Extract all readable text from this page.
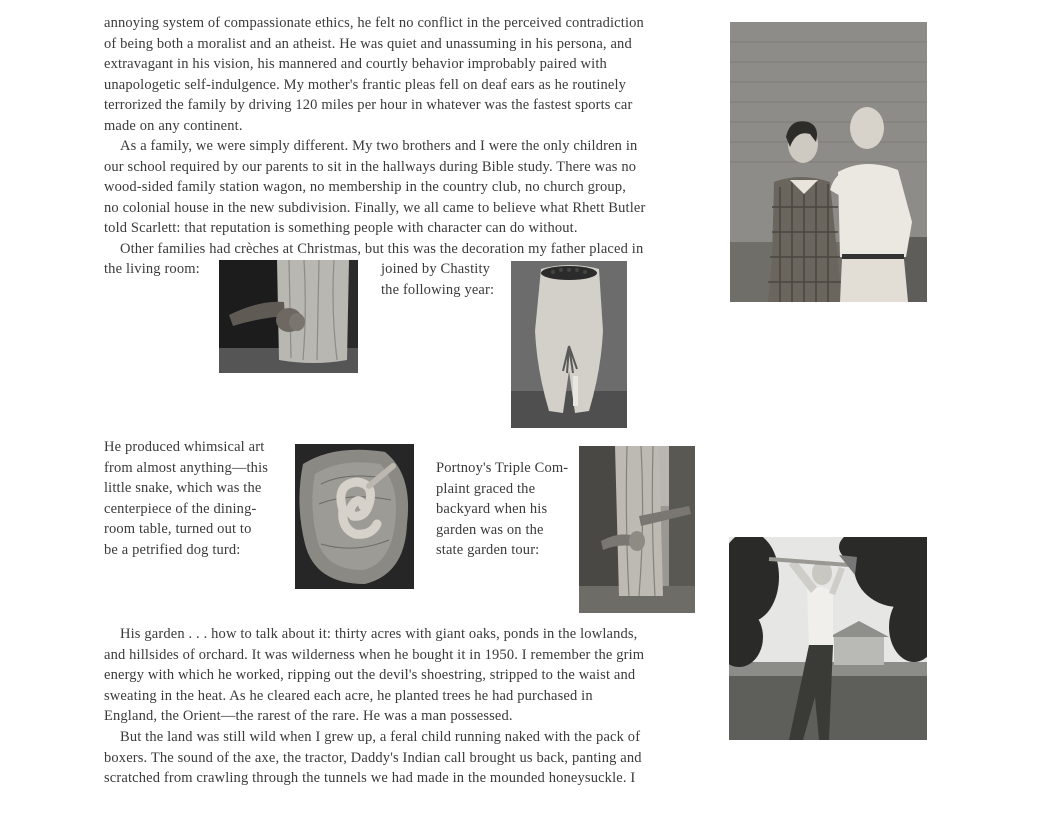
annoying system of compassionate ethics, he felt no conflict in the perceived contradiction
of being both a moralist and an atheist. He was quiet and unassuming in his persona, and
extravagant in his vision, his mannered and courtly behavior improbably paired with
unapologetic self-indulgence. My mother's frantic pleas fell on deaf ears as he routinely
terrorized the family by driving 120 miles per hour in whatever was the fastest sports car
made on any continent.
As a family, we were simply different. My two brothers and I were the only children in
our school required by our parents to sit in the hallways during Bible study. There was no
wood-sided family station wagon, no membership in the country club, no church group,
no colonial house in the new subdivision. Finally, we all came to believe what Rhett Butler
told Scarlett: that reputation is something people with character can do without.
Other families had crèches at Christmas, but this was the decoration my father placed in
the living room:	joined by Chastity
the following year:
He produced whimsical art
from almost anything—this
little snake, which was the
centerpiece of the dining-
room table, turned out to
be a petrified dog turd:
Portnoy's Triple Com-
plaint graced the
backyard when his
garden was on the
state garden tour:
His garden . . . how to talk about it: thirty acres with giant oaks, ponds in the lowlands,
and hillsides of orchard. It was wilderness when he bought it in 1950. I remember the grim
energy with which he worked, ripping out the devil's shoestring, stripped to the waist and
sweating in the heat. As he cleared each acre, he planted trees he had purchased in
England, the Orient—the rarest of the rare. He was a man possessed.
But the land was still wild when I grew up, a feral child running naked with the pack of
boxers. The sound of the axe, the tractor, Daddy's Indian call brought us back, panting and
scratched from crawling through the tunnels we had made in the mounded honeysuckle. I
